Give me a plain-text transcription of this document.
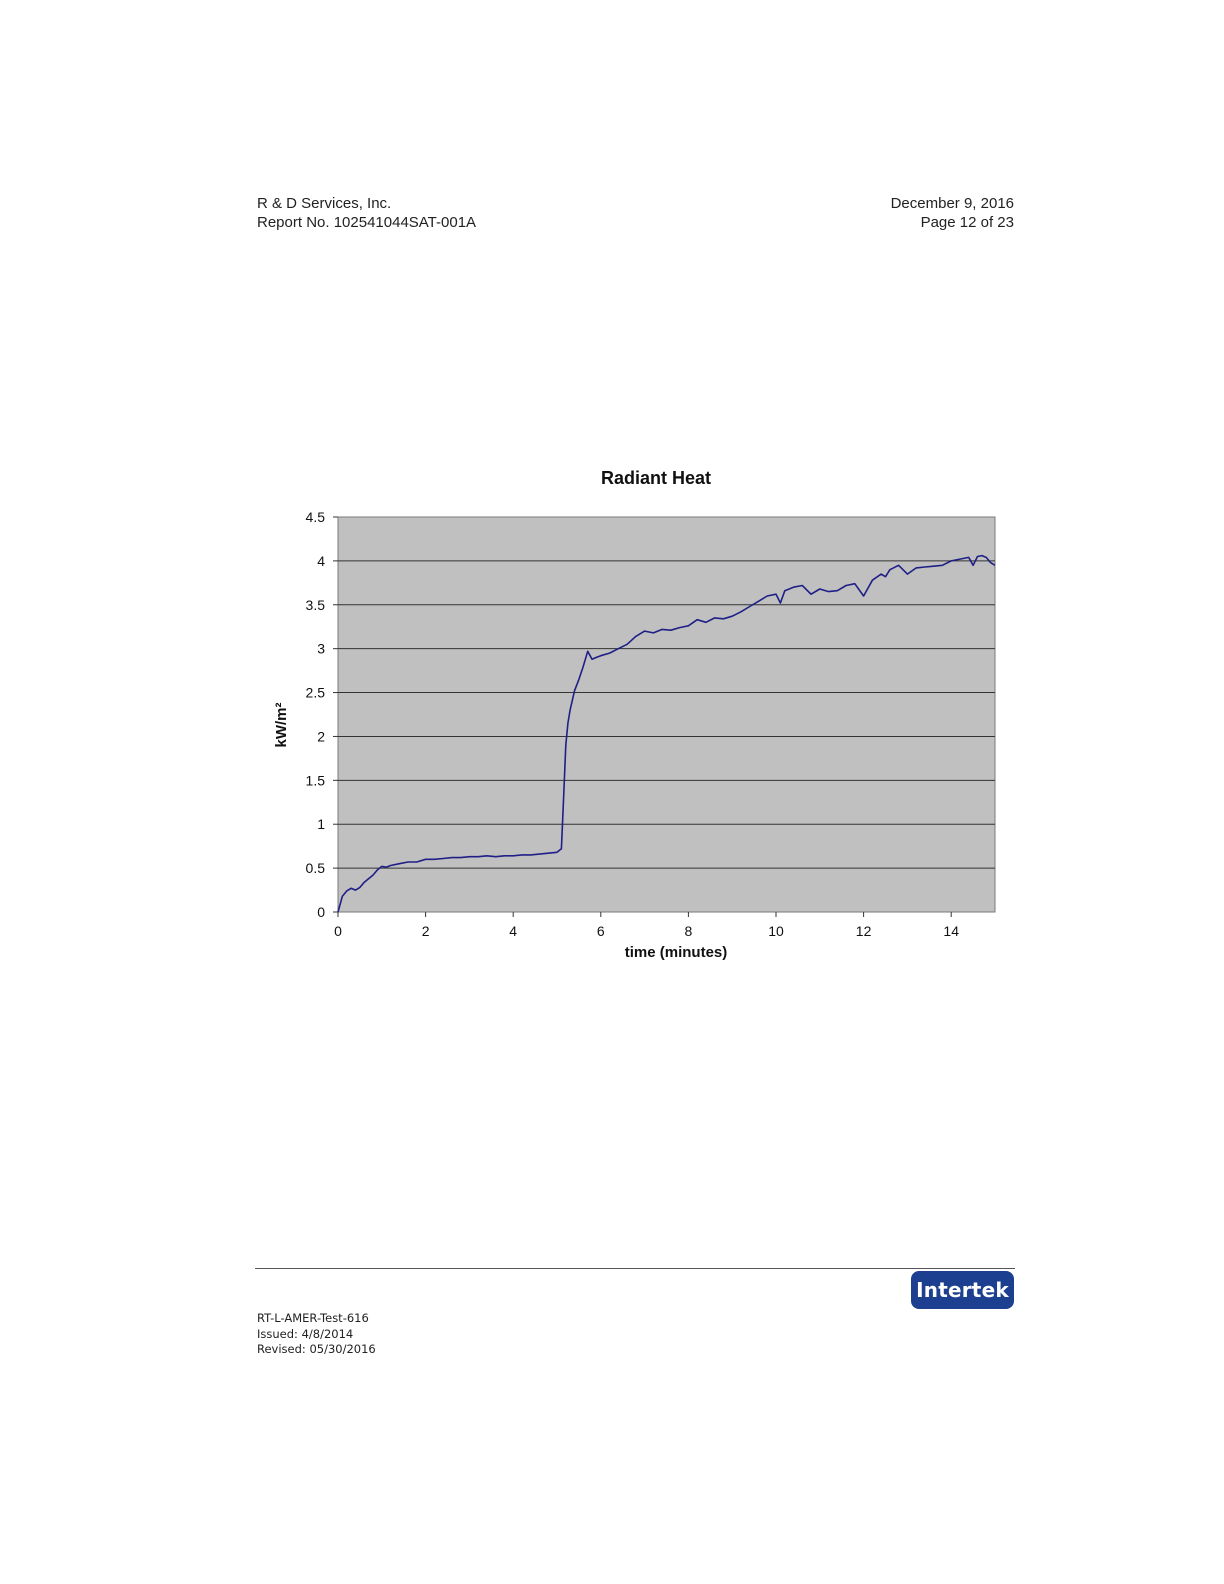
R & D Services, Inc.
Report No. 102541044SAT-001A
December 9, 2016
Page 12 of 23
Radiant Heat
0
0.5
1
1.5
2
2.5
3
3.5
4
4.5
0	2	4	6	8	10	12	14
time (minutes)
kW/m²
RT-L-AMER-Test-616
Issued: 4/8/2014
Revised: 05/30/2016
Intertek
